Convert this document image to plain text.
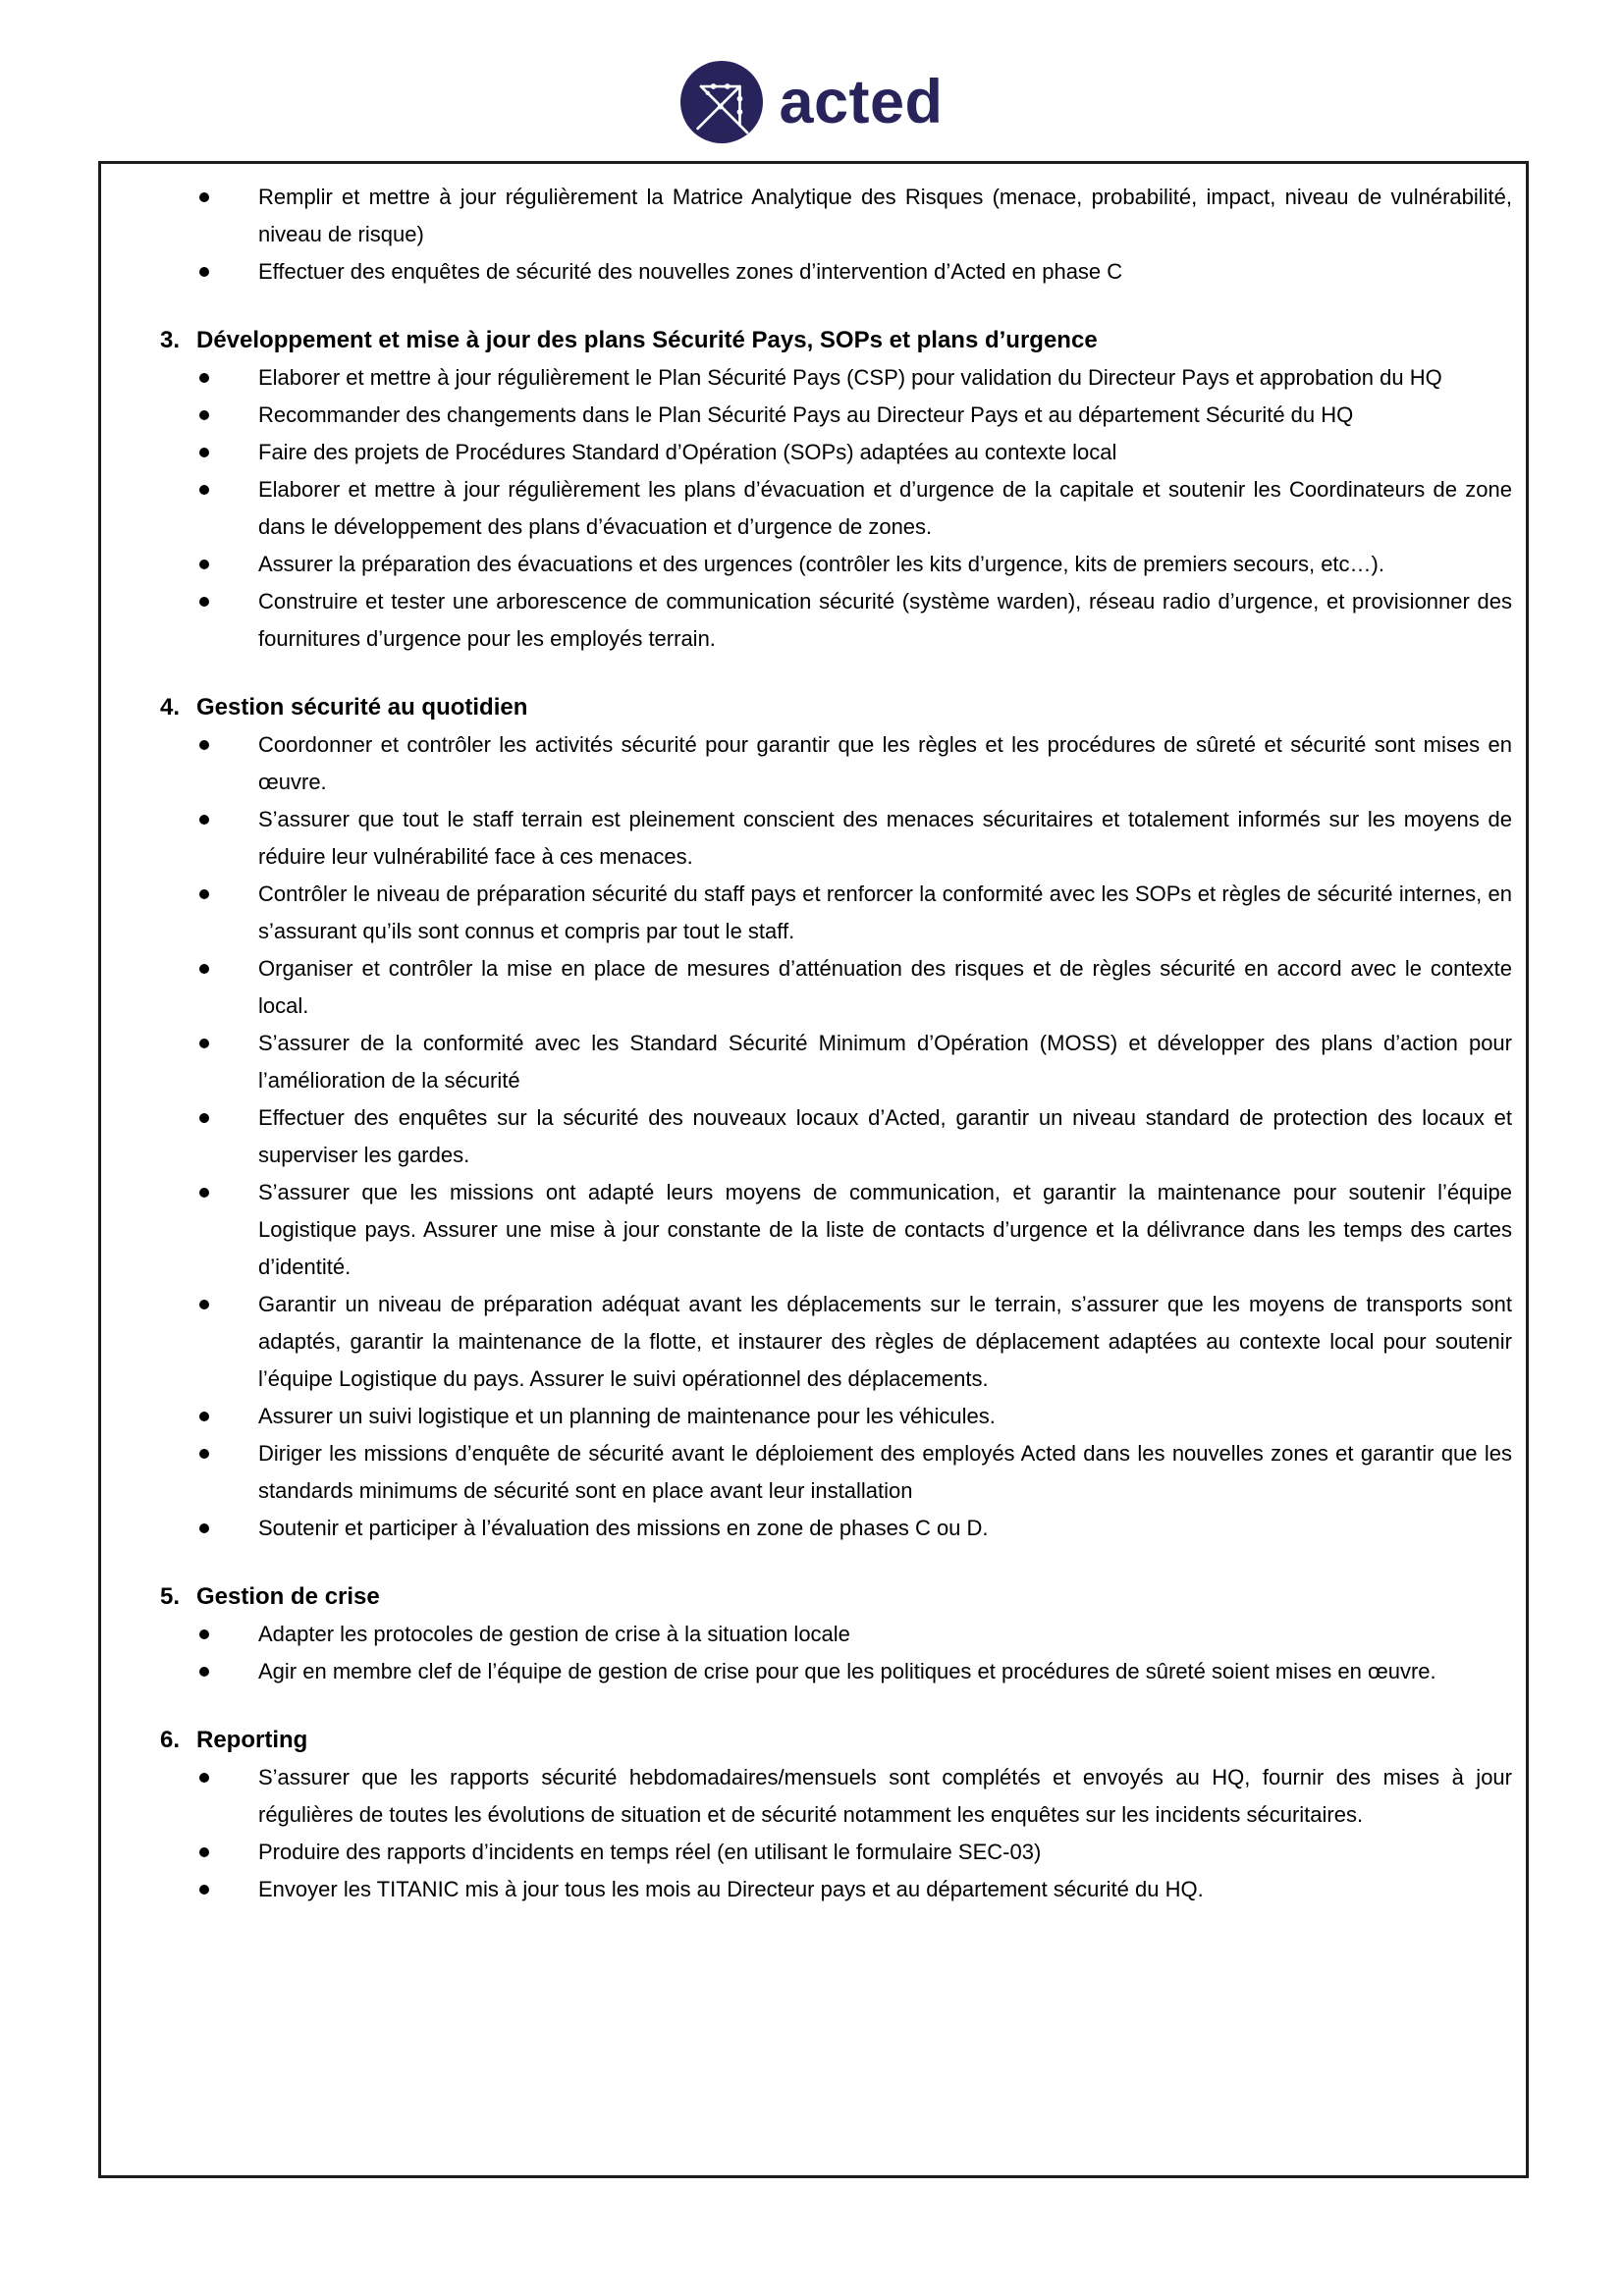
acted
Remplir et mettre à jour régulièrement la Matrice Analytique des Risques (menace, probabilité, impact, niveau de vulnérabilité, niveau de risque)
Effectuer des enquêtes de sécurité des nouvelles zones d’intervention d’Acted en phase C
3. Développement et mise à jour des plans Sécurité Pays, SOPs et plans d’urgence
Elaborer et mettre à jour régulièrement le Plan Sécurité Pays (CSP) pour validation du Directeur Pays et approbation du HQ
Recommander des changements dans le Plan Sécurité Pays au Directeur Pays et au département Sécurité du HQ
Faire des projets de Procédures Standard d’Opération (SOPs) adaptées au contexte local
Elaborer et mettre à jour régulièrement les plans d’évacuation et d’urgence de la capitale et soutenir les Coordinateurs de zone dans le développement des plans d’évacuation et d’urgence de zones.
Assurer la préparation des évacuations et des urgences (contrôler les kits d’urgence, kits de premiers secours, etc…).
Construire et tester une arborescence de communication sécurité (système warden), réseau radio d’urgence, et provisionner des fournitures d’urgence pour les employés terrain.
4. Gestion sécurité au quotidien
Coordonner et contrôler les activités sécurité pour garantir que les règles et les procédures de sûreté et sécurité sont mises en œuvre.
S’assurer que tout le staff terrain est pleinement conscient des menaces sécuritaires et totalement informés sur les moyens de réduire leur vulnérabilité face à ces menaces.
Contrôler le niveau de préparation sécurité du staff pays et renforcer la conformité avec les SOPs et règles de sécurité internes, en s’assurant qu’ils sont connus et compris par tout le staff.
Organiser et contrôler la mise en place de mesures d’atténuation des risques et de règles sécurité en accord avec le contexte local.
S’assurer de la conformité avec les Standard Sécurité Minimum d’Opération (MOSS) et développer des plans d’action pour l’amélioration de la sécurité
Effectuer des enquêtes sur la sécurité des nouveaux locaux d’Acted, garantir un niveau standard de protection des locaux et superviser les gardes.
S’assurer que les missions ont adapté leurs moyens de communication, et garantir la maintenance pour soutenir l’équipe Logistique pays. Assurer une mise à jour constante de la liste de contacts d’urgence et la délivrance dans les temps des cartes d’identité.
Garantir un niveau de préparation adéquat avant les déplacements sur le terrain, s’assurer que les moyens de transports sont adaptés, garantir la maintenance de la flotte, et instaurer des règles de déplacement adaptées au contexte local pour soutenir l’équipe Logistique du pays. Assurer le suivi opérationnel des déplacements.
Assurer un suivi logistique et un planning de maintenance pour les véhicules.
Diriger les missions d’enquête de sécurité avant le déploiement des employés Acted dans les nouvelles zones et garantir que les standards minimums de sécurité sont en place avant leur installation
Soutenir et participer à l’évaluation des missions en zone de phases C ou D.
5. Gestion de crise
Adapter les protocoles de gestion de crise à la situation locale
Agir en membre clef de l’équipe de gestion de crise pour que les politiques et procédures de sûreté soient mises en œuvre.
6. Reporting
S’assurer que les rapports sécurité hebdomadaires/mensuels sont complétés et envoyés au HQ, fournir des mises à jour régulières de toutes les évolutions de situation et de sécurité notamment les enquêtes sur les incidents sécuritaires.
Produire des rapports d’incidents en temps réel (en utilisant le formulaire SEC-03)
Envoyer les TITANIC mis à jour tous les mois au Directeur pays et au département sécurité du HQ.
